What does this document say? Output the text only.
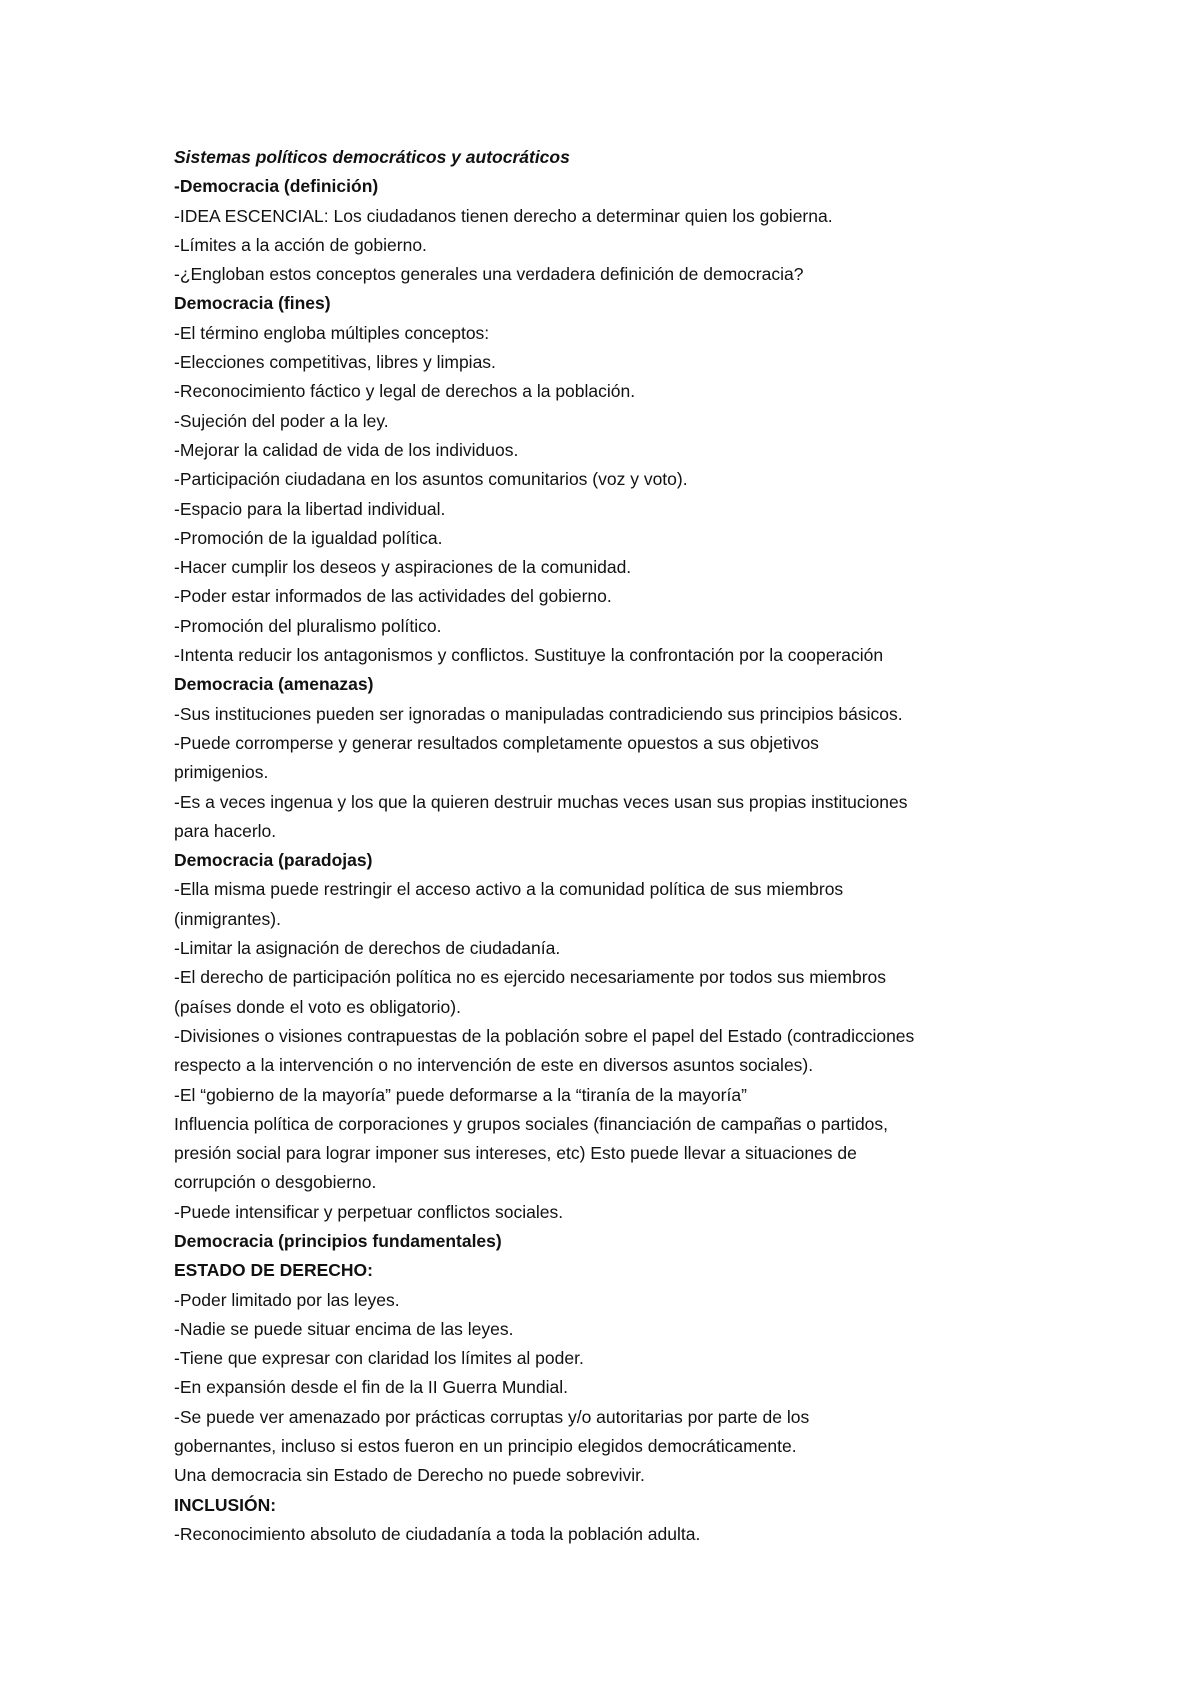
Sistemas políticos democráticos y autocráticos

-Democracia (definición)

-IDEA ESCENCIAL: Los ciudadanos tienen derecho a determinar quien los gobierna.

-Límites a la acción de gobierno.

-¿Engloban estos conceptos generales una verdadera definición de democracia?

Democracia (fines)

-El término engloba múltiples conceptos:

-Elecciones competitivas, libres y limpias.

-Reconocimiento fáctico y legal de derechos a la población.

-Sujeción del poder a la ley.

-Mejorar la calidad de vida de los individuos.

-Participación ciudadana en los asuntos comunitarios (voz y voto).

-Espacio para la libertad individual.

-Promoción de la igualdad política.

-Hacer cumplir los deseos y aspiraciones de la comunidad.

-Poder estar informados de las actividades del gobierno.

-Promoción del pluralismo político.

-Intenta reducir los antagonismos y conflictos. Sustituye la confrontación por la cooperación

Democracia (amenazas)

-Sus instituciones pueden ser ignoradas o manipuladas contradiciendo sus principios básicos.

-Puede corromperse y generar resultados completamente opuestos a sus objetivos

primigenios.

-Es a veces ingenua y los que la quieren destruir muchas veces usan sus propias instituciones

para hacerlo.

Democracia (paradojas)

-Ella misma puede restringir el acceso activo a la comunidad política de sus miembros

(inmigrantes).

-Limitar la asignación de derechos de ciudadanía.

-El derecho de participación política no es ejercido necesariamente por todos sus miembros

(países donde el voto es obligatorio).

-Divisiones o visiones contrapuestas de la población sobre el papel del Estado (contradicciones

respecto a la intervención o no intervención de este en diversos asuntos sociales).

-El “gobierno de la mayoría” puede deformarse a la “tiranía de la mayoría”

Influencia política de corporaciones y grupos sociales (financiación de campañas o partidos,

presión social para lograr imponer sus intereses, etc) Esto puede llevar a situaciones de

corrupción o desgobierno.

-Puede intensificar y perpetuar conflictos sociales.

Democracia (principios fundamentales)

ESTADO DE DERECHO:

-Poder limitado por las leyes.

-Nadie se puede situar encima de las leyes.

-Tiene que expresar con claridad los límites al poder.

-En expansión desde el fin de la II Guerra Mundial.

-Se puede ver amenazado por prácticas corruptas y/o autoritarias por parte de los

gobernantes, incluso si estos fueron en un principio elegidos democráticamente.

Una democracia sin Estado de Derecho no puede sobrevivir.

INCLUSIÓN:

-Reconocimiento absoluto de ciudadanía a toda la población adulta.
